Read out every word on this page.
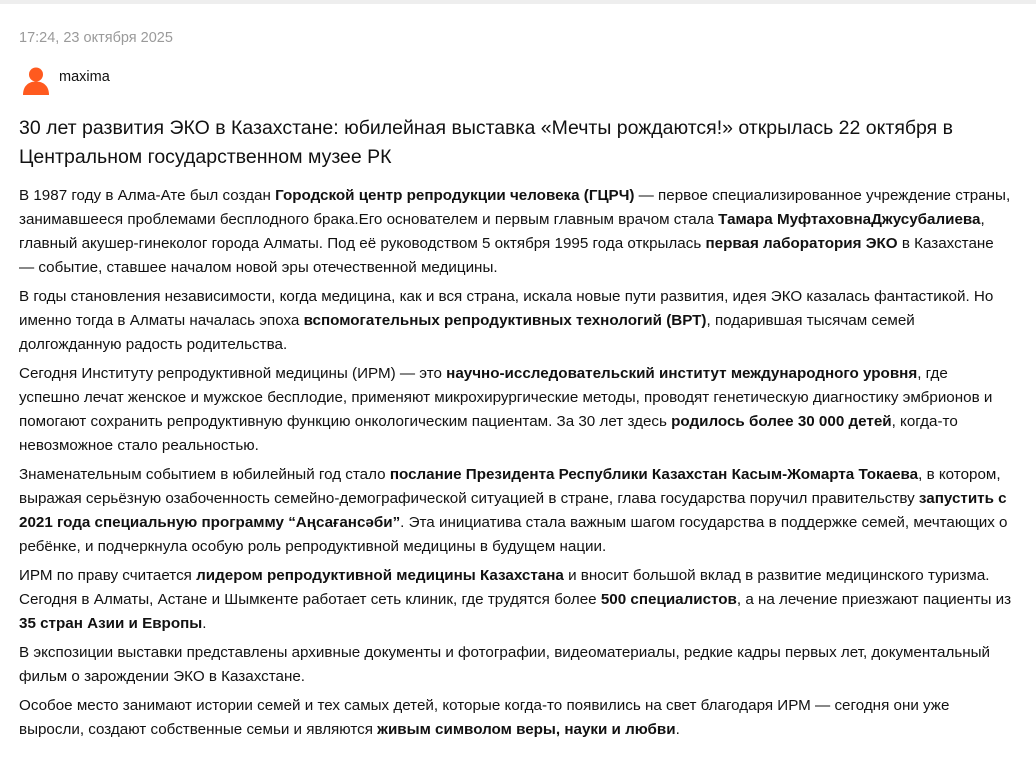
17:24, 23 октября 2025
maxima
30 лет развития ЭКО в Казахстане: юбилейная выставка «Мечты рождаются!» открылась 22 октября в Центральном государственном музее РК

В 1987 году в Алма-Ате был создан Городской центр репродукции человека (ГЦРЧ) — первое специализированное учреждение страны, занимавшееся проблемами бесплодного брака.Его основателем и первым главным врачом стала Тамара МуфтаховнаДжусубалиева, главный акушер-гинеколог города Алматы. Под её руководством 5 октября 1995 года открылась первая лаборатория ЭКО в Казахстане — событие, ставшее началом новой эры отечественной медицины.

В годы становления независимости, когда медицина, как и вся страна, искала новые пути развития, идея ЭКО казалась фантастикой. Но именно тогда в Алматы началась эпоха вспомогательных репродуктивных технологий (ВРТ), подарившая тысячам семей долгожданную радость родительства.

Сегодня Институту репродуктивной медицины (ИРМ) — это научно-исследовательский институт международного уровня, где успешно лечат женское и мужское бесплодие, применяют микрохирургические методы, проводят генетическую диагностику эмбрионов и помогают сохранить репродуктивную функцию онкологическим пациентам. За 30 лет здесь родилось более 30 000 детей, когда-то невозможное стало реальностью.

Знаменательным событием в юбилейный год стало послание Президента Республики Казахстан Касым-Жомарта Токаева, в котором, выражая серьёзную озабоченность семейно-демографической ситуацией в стране, глава государства поручил правительству запустить с 2021 года специальную программу “Аңсағансәби”. Эта инициатива стала важным шагом государства в поддержке семей, мечтающих о ребёнке, и подчеркнула особую роль репродуктивной медицины в будущем нации.

ИРМ по праву считается лидером репродуктивной медицины Казахстана и вносит большой вклад в развитие медицинского туризма. Сегодня в Алматы, Астане и Шымкенте работает сеть клиник, где трудятся более 500 специалистов, а на лечение приезжают пациенты из 35 стран Азии и Европы.

В экспозиции выставки представлены архивные документы и фотографии, видеоматериалы, редкие кадры первых лет, документальный фильм о зарождении ЭКО в Казахстане.

Особое место занимают истории семей и тех самых детей, которые когда-то появились на свет благодаря ИРМ — сегодня они уже выросли, создают собственные семьи и являются живым символом веры, науки и любви.
